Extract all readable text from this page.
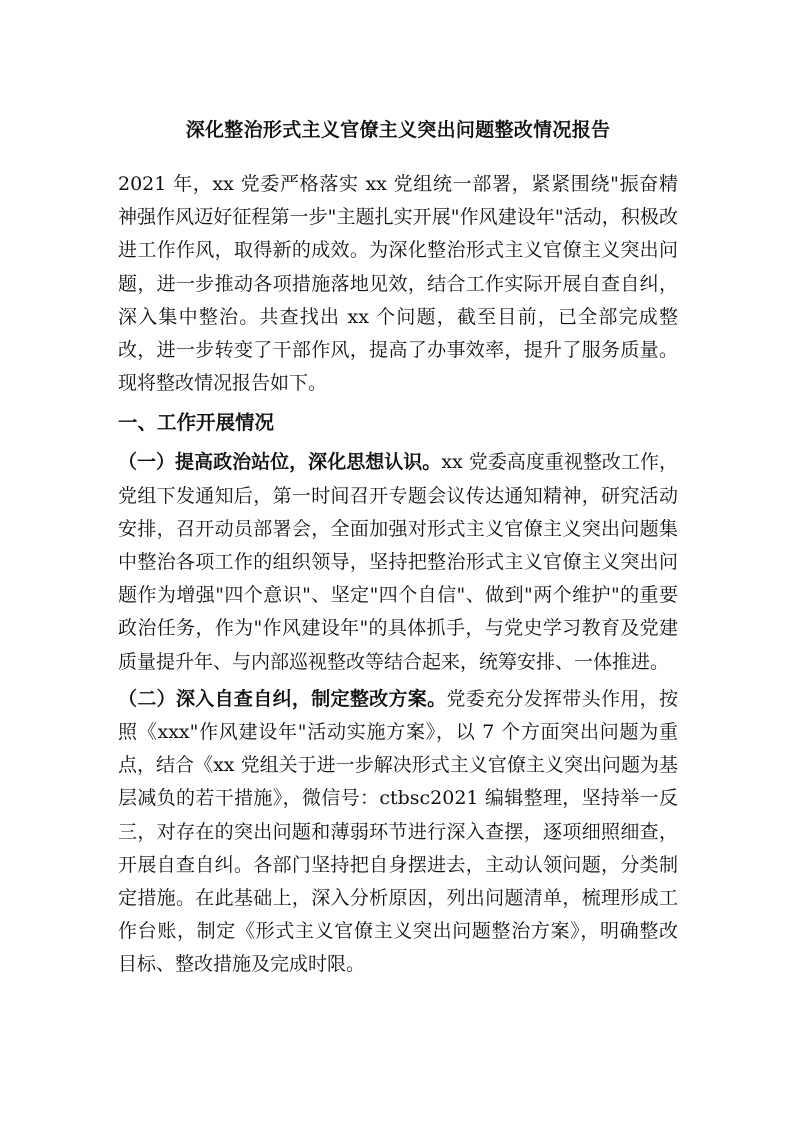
深化整治形式主义官僚主义突出问题整改情况报告

2021 年，xx 党委严格落实 xx 党组统一部署，紧紧围绕"振奋精神强作风迈好征程第一步"主题扎实开展"作风建设年"活动，积极改进工作作风，取得新的成效。为深化整治形式主义官僚主义突出问题，进一步推动各项措施落地见效，结合工作实际开展自查自纠，深入集中整治。共查找出 xx 个问题，截至目前，已全部完成整改，进一步转变了干部作风，提高了办事效率，提升了服务质量。现将整改情况报告如下。

一、工作开展情况

（一）提高政治站位，深化思想认识。xx 党委高度重视整改工作，党组下发通知后，第一时间召开专题会议传达通知精神，研究活动安排，召开动员部署会，全面加强对形式主义官僚主义突出问题集中整治各项工作的组织领导，坚持把整治形式主义官僚主义突出问题作为增强"四个意识"、坚定"四个自信"、做到"两个维护"的重要政治任务，作为"作风建设年"的具体抓手，与党史学习教育及党建质量提升年、与内部巡视整改等结合起来，统筹安排、一体推进。

（二）深入自查自纠，制定整改方案。党委充分发挥带头作用，按照《xxx"作风建设年"活动实施方案》，以 7 个方面突出问题为重点，结合《xx 党组关于进一步解决形式主义官僚主义突出问题为基层减负的若干措施》，微信号：ctbsc2021 编辑整理，坚持举一反三，对存在的突出问题和薄弱环节进行深入查摆，逐项细照细查，开展自查自纠。各部门坚持把自身摆进去，主动认领问题，分类制定措施。在此基础上，深入分析原因，列出问题清单，梳理形成工作台账，制定《形式主义官僚主义突出问题整治方案》，明确整改目标、整改措施及完成时限。
